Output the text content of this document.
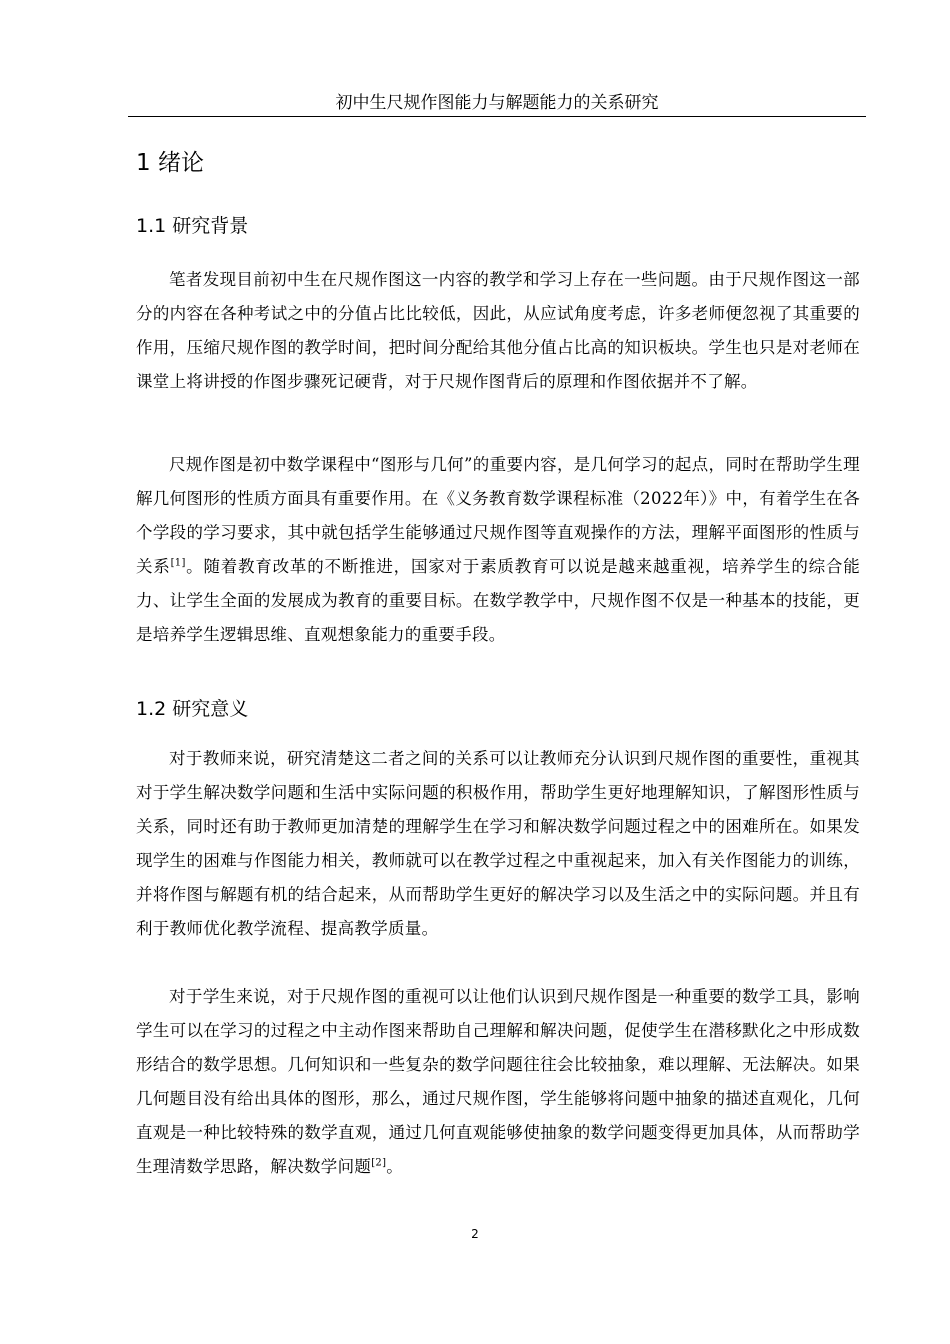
初中生尺规作图能力与解题能力的关系研究
1 绪论
1.1 研究背景

笔者发现目前初中生在尺规作图这一内容的教学和学习上存在一些问题。由于尺规作图这一部分的内容在各种考试之中的分值占比比较低，因此，从应试角度考虑，许多老师便忽视了其重要的作用，压缩尺规作图的教学时间，把时间分配给其他分值占比高的知识板块。学生也只是对老师在课堂上将讲授的作图步骤死记硬背，对于尺规作图背后的原理和作图依据并不了解。

尺规作图是初中数学课程中“图形与几何”的重要内容，是几何学习的起点，同时在帮助学生理解几何图形的性质方面具有重要作用。在《义务教育数学课程标准（2022年）》中，有着学生在各个学段的学习要求，其中就包括学生能够通过尺规作图等直观操作的方法，理解平面图形的性质与关系[1]。随着教育改革的不断推进，国家对于素质教育可以说是越来越重视，培养学生的综合能力、让学生全面的发展成为教育的重要目标。在数学教学中，尺规作图不仅是一种基本的技能，更是培养学生逻辑思维、直观想象能力的重要手段。

1.2 研究意义

对于教师来说，研究清楚这二者之间的关系可以让教师充分认识到尺规作图的重要性，重视其对于学生解决数学问题和生活中实际问题的积极作用，帮助学生更好地理解知识，了解图形性质与关系，同时还有助于教师更加清楚的理解学生在学习和解决数学问题过程之中的困难所在。如果发现学生的困难与作图能力相关，教师就可以在教学过程之中重视起来，加入有关作图能力的训练，并将作图与解题有机的结合起来，从而帮助学生更好的解决学习以及生活之中的实际问题。并且有利于教师优化教学流程、提高教学质量。

对于学生来说，对于尺规作图的重视可以让他们认识到尺规作图是一种重要的数学工具，影响学生可以在学习的过程之中主动作图来帮助自己理解和解决问题，促使学生在潜移默化之中形成数形结合的数学思想。几何知识和一些复杂的数学问题往往会比较抽象，难以理解、无法解决。如果几何题目没有给出具体的图形，那么，通过尺规作图，学生能够将问题中抽象的描述直观化，几何直观是一种比较特殊的数学直观，通过几何直观能够使抽象的数学问题变得更加具体，从而帮助学生理清数学思路，解决数学问题[2]。

2
